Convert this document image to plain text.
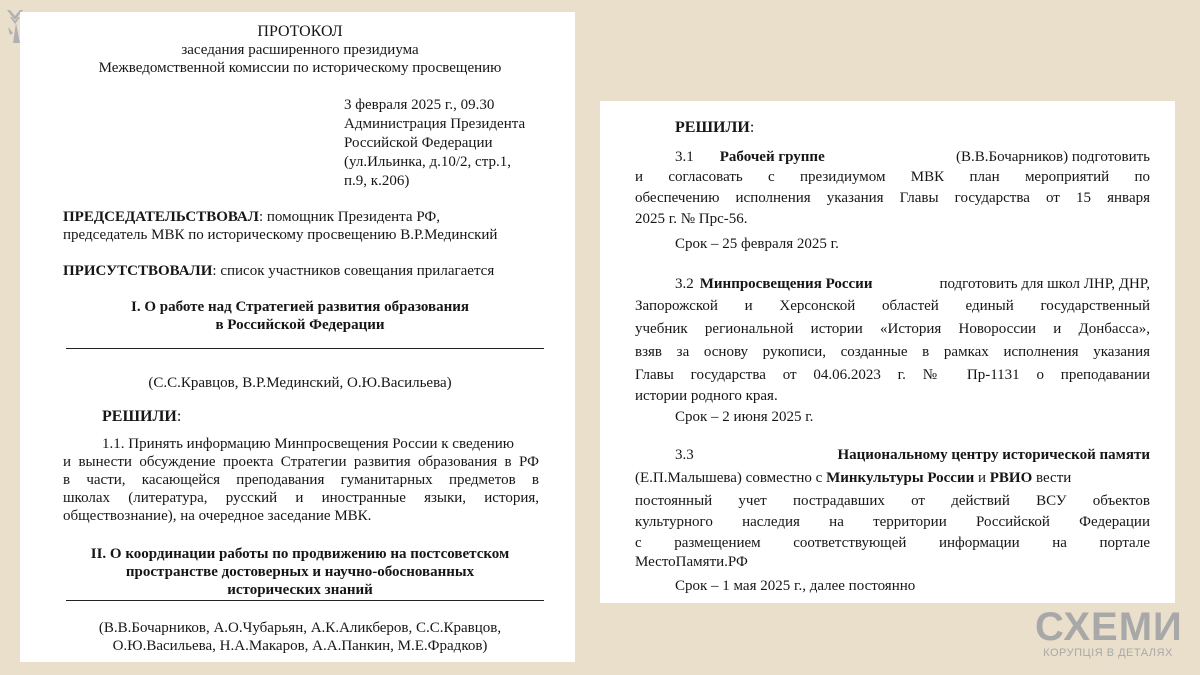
ПРОТОКОЛ
заседания расширенного президиума
Межведомственной комиссии по историческому просвещению
3 февраля 2025 г., 09.30
Администрация Президента
Российской Федерации
(ул.Ильинка, д.10/2, стр.1,
п.9, к.206)
ПРЕДСЕДАТЕЛЬСТВОВАЛ: помощник Президента РФ,
председатель МВК по историческому просвещению В.Р.Мединский
ПРИСУТСТВОВАЛИ: список участников совещания прилагается
I. О работе над Стратегией развития образования
в Российской Федерации
(С.С.Кравцов, В.Р.Мединский, О.Ю.Васильева)
РЕШИЛИ:
1.1. Принять информацию Минпросвещения России к сведению
и вынести обсуждение проекта Стратегии развития образования в РФ
в части, касающейся преподавания гуманитарных предметов в
школах (литература, русский и иностранные языки, история,
обществознание), на очередное заседание МВК.
II. О координации работы по продвижению на постсоветском
пространстве достоверных и научно-обоснованных
исторических знаний
(В.В.Бочарников, А.О.Чубарьян, А.К.Аликберов, С.С.Кравцов,
О.Ю.Васильева, Н.А.Макаров, А.А.Панкин, М.Е.Фрадков)
РЕШИЛИ:
3.1 Рабочей группе	(В.В.Бочарников) подготовить
и согласовать с президиумом МВК план мероприятий по
обеспечению исполнения указания Главы государства от 15 января
2025 г. № Прс-56.
Срок – 25 февраля 2025 г.
3.2 Минпросвещения России	подготовить для школ ЛНР, ДНР,
Запорожской и Херсонской областей единый государственный
учебник региональной истории «История Новороссии и Донбасса»,
взяв за основу рукописи, созданные в рамках исполнения указания
Главы государства от 04.06.2023 г. № Пр-1131 о преподавании
истории родного края.
Срок – 2 июня 2025 г.
3.3	Национальному центру исторической памяти
(Е.П.Малышева) совместно с Минкультуры России и РВИО вести
постоянный учет пострадавших от действий ВСУ объектов
культурного наследия на территории Российской Федерации
с размещением соответствующей информации на портале
МестоПамяти.РФ
Срок – 1 мая 2025 г., далее постоянно
СХЕМИ
КОРУПЦІЯ В ДЕТАЛЯХ
